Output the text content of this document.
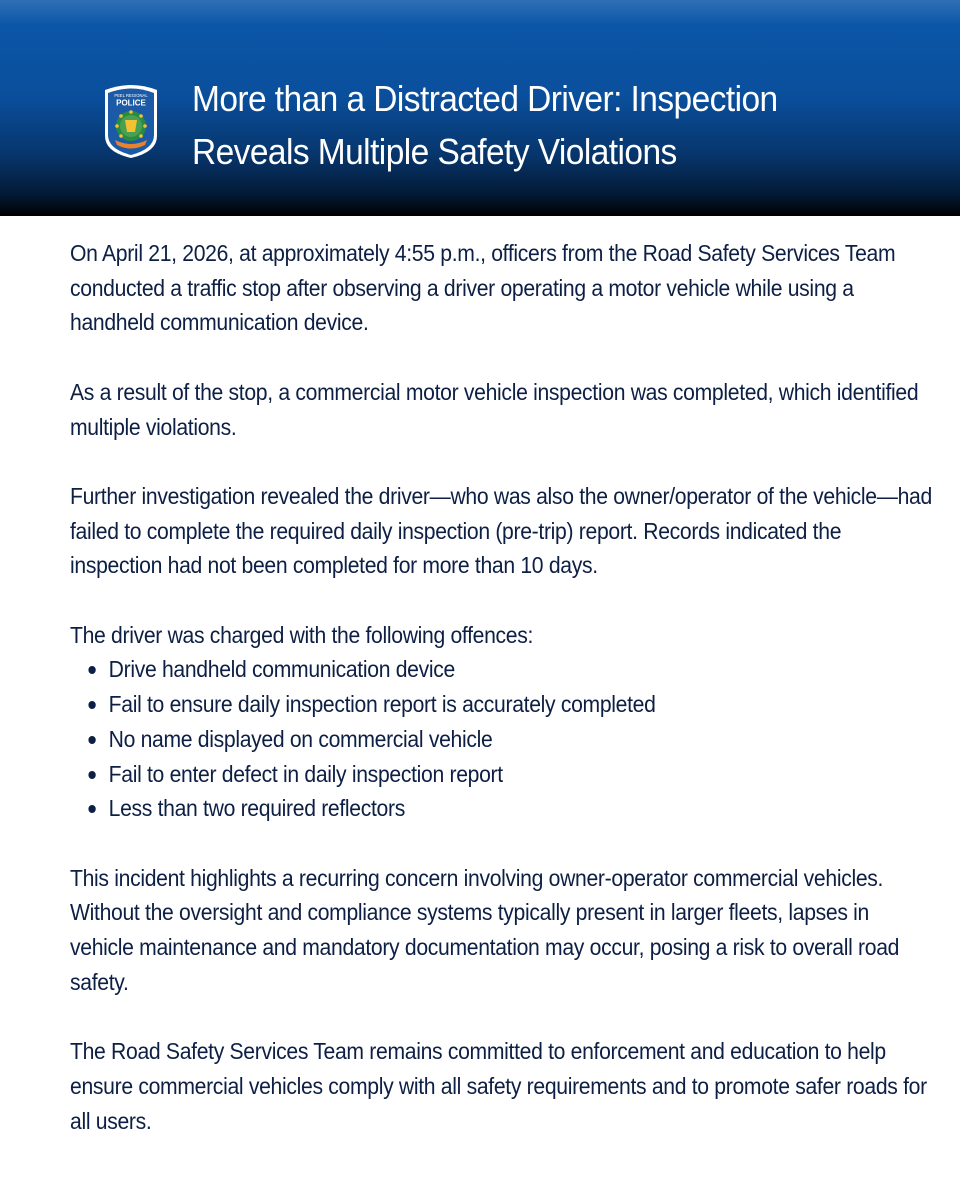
PEEL REGIONAL
POLICE More than a Distracted Driver: Inspection
Reveals Multiple Safety Violations

On April 21, 2026, at approximately 4:55 p.m., officers from the Road Safety Services Team conducted a traffic stop after observing a driver operating a motor vehicle while using a handheld communication device.

As a result of the stop, a commercial motor vehicle inspection was completed, which identified multiple violations.

Further investigation revealed the driver—who was also the owner/operator of the vehicle—had failed to complete the required daily inspection (pre-trip) report. Records indicated the inspection had not been completed for more than 10 days.

The driver was charged with the following offences:

Drive handheld communication device
Fail to ensure daily inspection report is accurately completed
No name displayed on commercial vehicle
Fail to enter defect in daily inspection report
Less than two required reflectors

This incident highlights a recurring concern involving owner-operator commercial vehicles. Without the oversight and compliance systems typically present in larger fleets, lapses in vehicle maintenance and mandatory documentation may occur, posing a risk to overall road safety.

The Road Safety Services Team remains committed to enforcement and education to help ensure commercial vehicles comply with all safety requirements and to promote safer roads for all users.
